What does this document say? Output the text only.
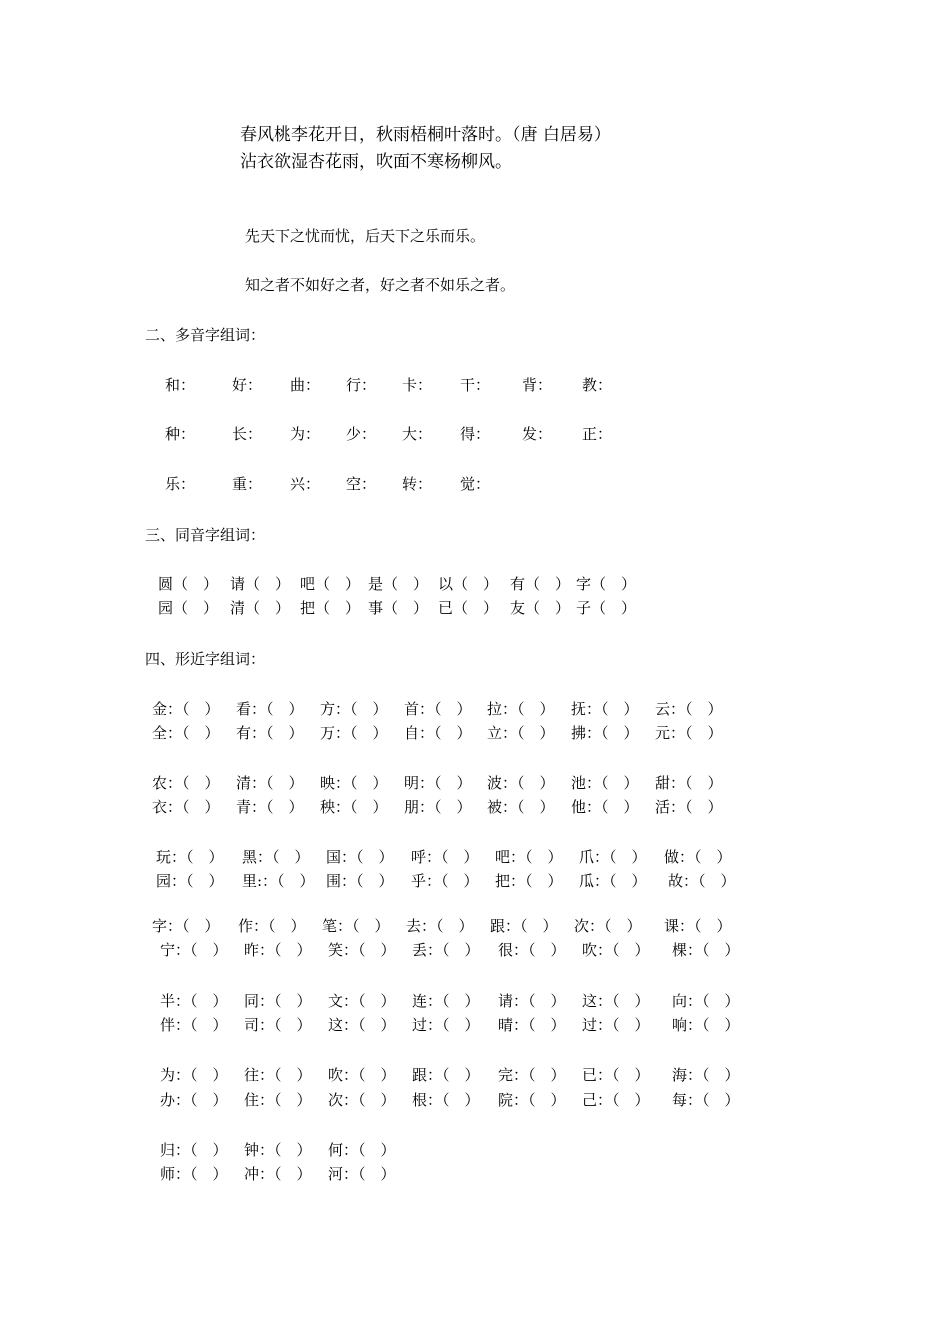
春风桃李花开日，秋雨梧桐叶落时。（唐 白居易）
沾衣欲湿杏花雨，吹面不寒杨柳风。
先天下之忧而忧，后天下之乐而乐。
知之者不如好之者，好之者不如乐之者。
二、多音字组词：
和： 好： 曲： 行： 卡： 干： 背： 教：
种： 长： 为： 少： 大： 得： 发： 正：
乐： 重： 兴： 空： 转： 觉：
三、同音字组词：
圆（　） 请（　） 吧（　） 是（　） 以（　） 有（　） 字（　）
园（　） 清（　） 把（　） 事（　） 已（　） 友（　） 子（　）
四、形近字组词：
金：（　） 看：（　） 方：（　） 首：（　） 拉：（　） 抚：（　） 云：（　）
全：（　） 有：（　） 万：（　） 自：（　） 立：（　） 拂：（　） 元：（　）
农：（　） 清：（　） 映：（　） 明：（　） 波：（　） 池：（　） 甜：（　）
衣：（　） 青：（　） 秧：（　） 朋：（　） 被：（　） 他：（　） 活：（　）
玩：（　） 黑：（　） 国：（　） 呼：（　） 吧：（　） 爪：（　） 做：（　）
园：（　） 里:：（　） 围：（　） 乎：（　） 把：（　） 瓜：（　） 故：（　）
字：（　） 作：（　） 笔：（　） 去：（　） 跟：（　） 次：（　） 课：（　）
宁：（　） 昨：（　） 笑：（　） 丢：（　） 很：（　） 吹：（　） 棵：（　）
半：（　） 同：（　） 文：（　） 连：（　） 请：（　） 这：（　） 向：（　）
伴：（　） 司：（　） 这：（　） 过：（　） 晴：（　） 过：（　） 响：（　）
为：（　） 往：（　） 吹：（　） 跟：（　） 完：（　） 已：（　） 海：（　）
办：（　） 住：（　） 次：（　） 根：（　） 院：（　） 己：（　） 每：（　）
归：（　） 钟：（　） 何：（　）
师：（　） 冲：（　） 河：（　）
